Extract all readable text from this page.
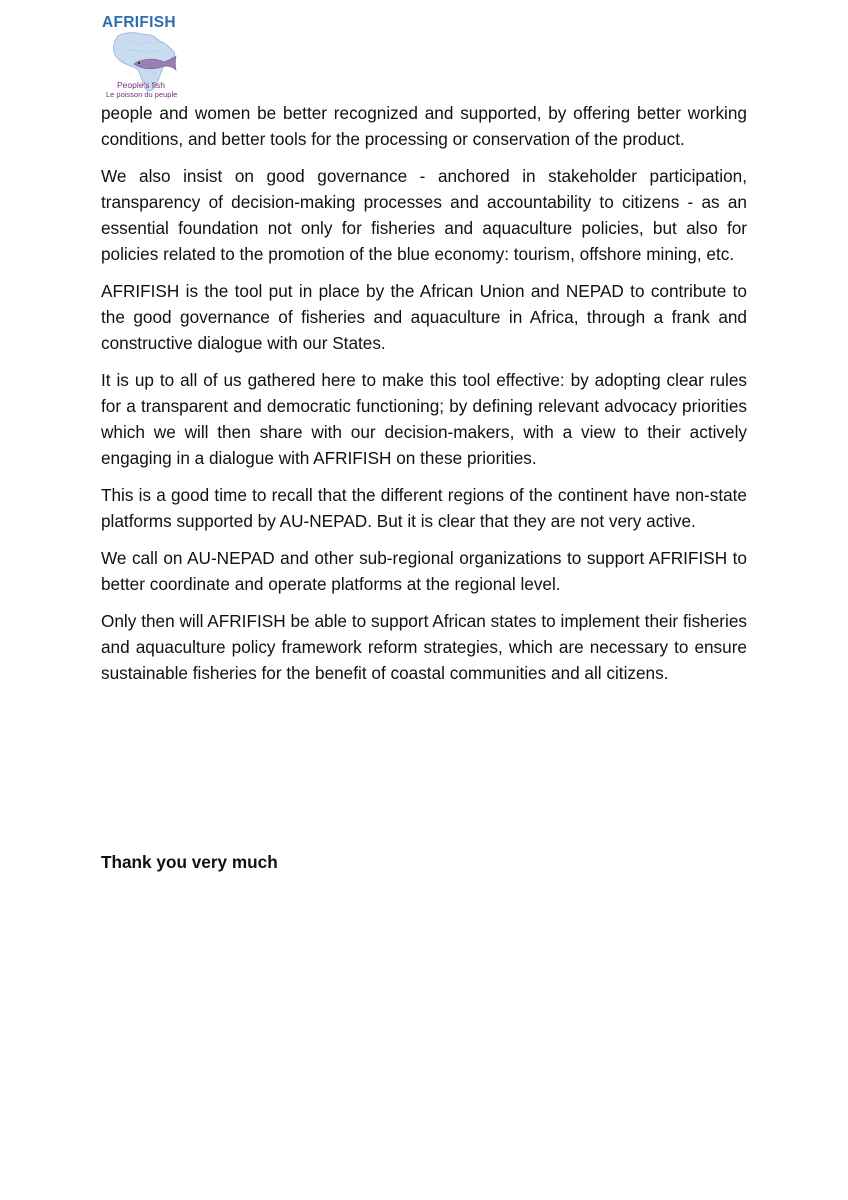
AFRIFISH
People's fish
Le poisson du peuple

people and women be better recognized and supported, by offering better working conditions, and better tools for the processing or conservation of the product.

We also insist on good governance - anchored in stakeholder participation, transparency of decision-making processes and accountability to citizens - as an essential foundation not only for fisheries and aquaculture policies, but also for policies related to the promotion of the blue economy: tourism, offshore mining, etc.

AFRIFISH is the tool put in place by the African Union and NEPAD to contribute to the good governance of fisheries and aquaculture in Africa, through a frank and constructive dialogue with our States.

It is up to all of us gathered here to make this tool effective: by adopting clear rules for a transparent and democratic functioning; by defining relevant advocacy priorities which we will then share with our decision-makers, with a view to their actively engaging in a dialogue with AFRIFISH on these priorities.

This is a good time to recall that the different regions of the continent have non-state platforms supported by AU-NEPAD. But it is clear that they are not very active.

We call on AU-NEPAD and other sub-regional organizations to support AFRIFISH to better coordinate and operate platforms at the regional level.

Only then will AFRIFISH be able to support African states to implement their fisheries and aquaculture policy framework reform strategies, which are necessary to ensure sustainable fisheries for the benefit of coastal communities and all citizens.

Thank you very much
